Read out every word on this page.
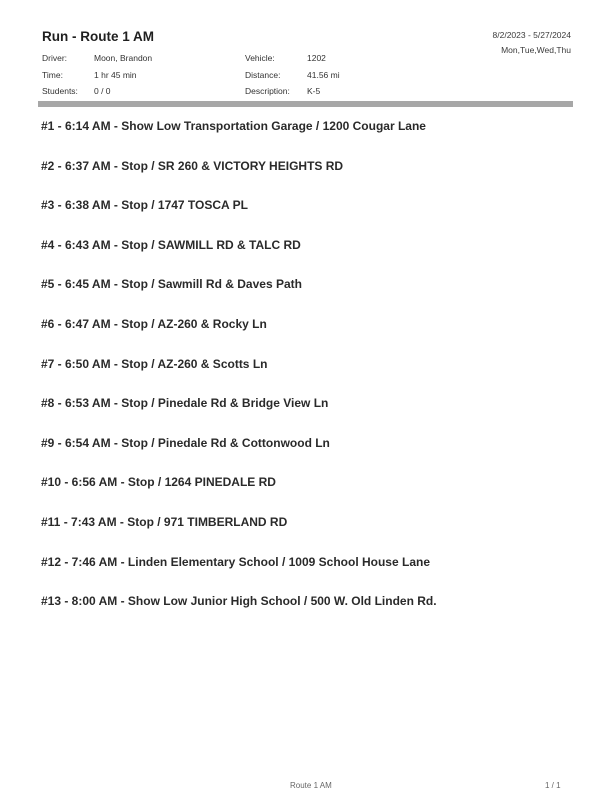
Run - Route 1 AM	8/2/2023 - 5/27/2024
Mon,Tue,Wed,Thu
Driver:	Moon, Brandon
Time:	1 hr 45 min
Students: 0 / 0
Vehicle:	1202
Distance:	41.56 mi
Description: K-5
#1 - 6:14 AM - Show Low Transportation Garage / 1200 Cougar Lane
#2 - 6:37 AM - Stop / SR 260 & VICTORY HEIGHTS RD
#3 - 6:38 AM - Stop / 1747 TOSCA PL
#4 - 6:43 AM - Stop / SAWMILL RD & TALC RD
#5 - 6:45 AM - Stop / Sawmill Rd & Daves Path
#6 - 6:47 AM - Stop / AZ-260 & Rocky Ln
#7 - 6:50 AM - Stop / AZ-260 & Scotts Ln
#8 - 6:53 AM - Stop / Pinedale Rd & Bridge View Ln
#9 - 6:54 AM - Stop / Pinedale Rd & Cottonwood Ln
#10 - 6:56 AM - Stop / 1264 PINEDALE RD
#11 - 7:43 AM - Stop / 971 TIMBERLAND RD
#12 - 7:46 AM - Linden Elementary School / 1009 School House Lane
#13 - 8:00 AM - Show Low Junior High School / 500 W. Old Linden Rd.
Route 1 AM	1 / 1
